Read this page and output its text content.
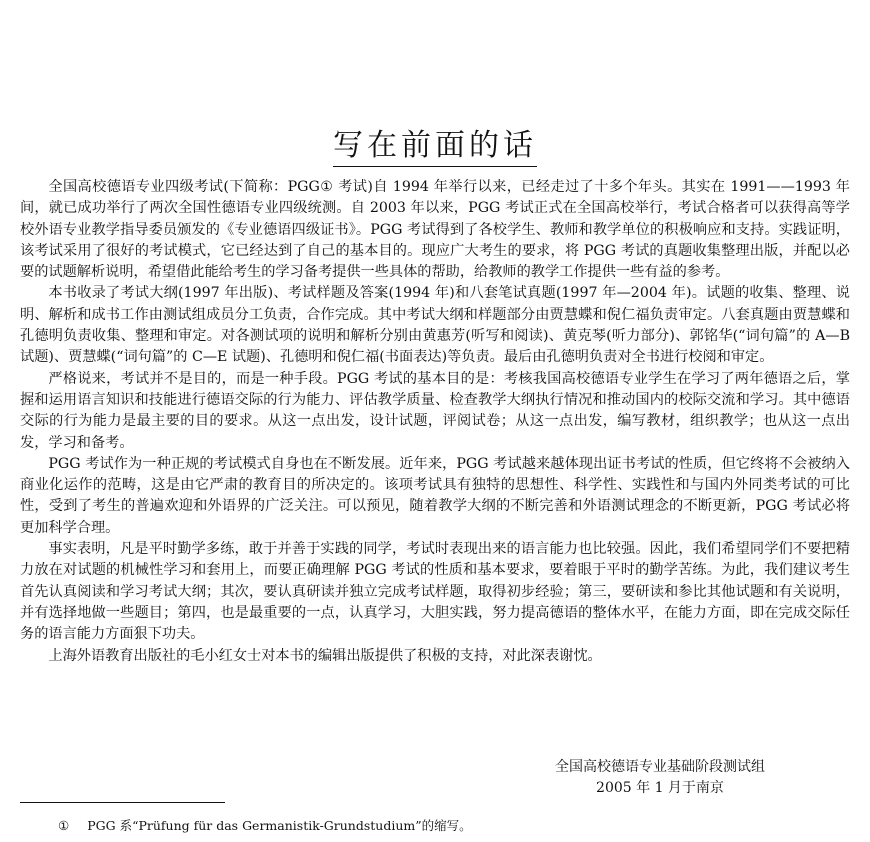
写在前面的话

全国高校德语专业四级考试(下简称：PGG① 考试)自 1994 年举行以来，已经走过了十多个年头。其实在 1991——1993 年间，就已成功举行了两次全国性德语专业四级统测。自 2003 年以来，PGG 考试正式在全国高校举行，考试合格者可以获得高等学校外语专业教学指导委员颁发的《专业德语四级证书》。PGG 考试得到了各校学生、教师和教学单位的积极响应和支持。实践证明，该考试采用了很好的考试模式，它已经达到了自己的基本目的。现应广大考生的要求，将 PGG 考试的真题收集整理出版，并配以必要的试题解析说明，希望借此能给考生的学习备考提供一些具体的帮助，给教师的教学工作提供一些有益的参考。

本书收录了考试大纲(1997 年出版)、考试样题及答案(1994 年)和八套笔试真题(1997 年—2004 年)。试题的收集、整理、说明、解析和成书工作由测试组成员分工负责，合作完成。其中考试大纲和样题部分由贾慧蝶和倪仁福负责审定。八套真题由贾慧蝶和孔德明负责收集、整理和审定。对各测试项的说明和解析分别由黄惠芳(听写和阅读)、黄克琴(听力部分)、郭铭华(“词句篇”的 A—B 试题)、贾慧蝶(“词句篇”的 C—E 试题)、孔德明和倪仁福(书面表达)等负责。最后由孔德明负责对全书进行校阅和审定。

严格说来，考试并不是目的，而是一种手段。PGG 考试的基本目的是：考核我国高校德语专业学生在学习了两年德语之后，掌握和运用语言知识和技能进行德语交际的行为能力、评估教学质量、检查教学大纲执行情况和推动国内的校际交流和学习。其中德语交际的行为能力是最主要的目的要求。从这一点出发，设计试题，评阅试卷；从这一点出发，编写教材，组织教学；也从这一点出发，学习和备考。

PGG 考试作为一种正规的考试模式自身也在不断发展。近年来，PGG 考试越来越体现出证书考试的性质，但它终将不会被纳入商业化运作的范畴，这是由它严肃的教育目的所决定的。该项考试具有独特的思想性、科学性、实践性和与国内外同类考试的可比性，受到了考生的普遍欢迎和外语界的广泛关注。可以预见，随着教学大纲的不断完善和外语测试理念的不断更新，PGG 考试必将更加科学合理。

事实表明，凡是平时勤学多练，敢于并善于实践的同学，考试时表现出来的语言能力也比较强。因此，我们希望同学们不要把精力放在对试题的机械性学习和套用上，而要正确理解 PGG 考试的性质和基本要求，要着眼于平时的勤学苦练。为此，我们建议考生首先认真阅读和学习考试大纲；其次，要认真研读并独立完成考试样题，取得初步经验；第三，要研读和参比其他试题和有关说明，并有选择地做一些题目；第四，也是最重要的一点，认真学习，大胆实践，努力提高德语的整体水平，在能力方面，即在完成交际任务的语言能力方面狠下功夫。

上海外语教育出版社的毛小红女士对本书的编辑出版提供了积极的支持，对此深表谢忱。

全国高校德语专业基础阶段测试组
2005 年 1 月于南京
① PGG 系“Prüfung für das Germanistik-Grundstudium”的缩写。
